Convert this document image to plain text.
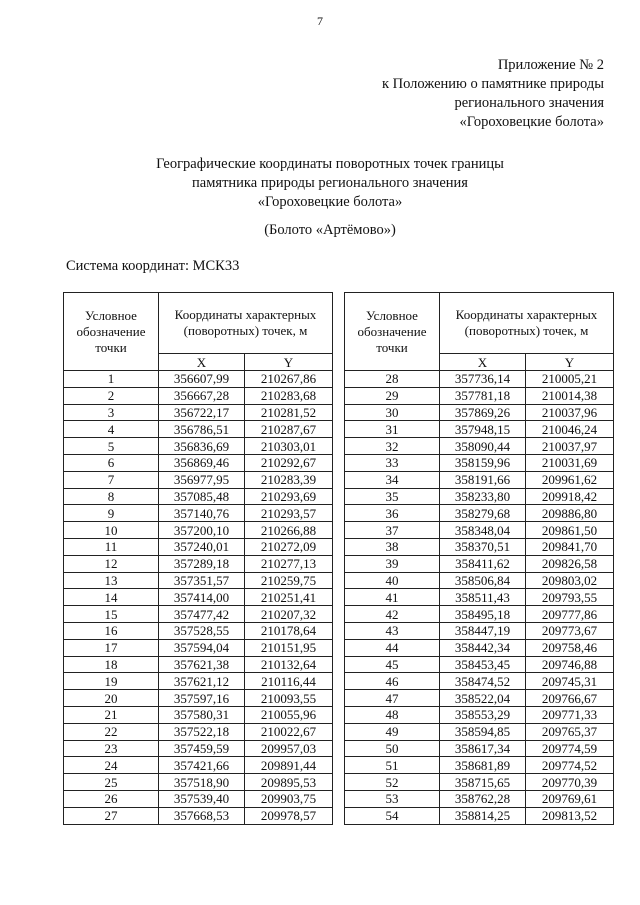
7
Приложение № 2
к Положению о памятнике природы
регионального значения
«Гороховецкие болота»
Географические координаты поворотных точек границы
памятника природы регионального значения
«Гороховецкие болота»
(Болото «Артёмово»)
Система координат: МСК33
Условное обозначение точки	Координаты характерных (поворотных) точек, м	
	X	Y
1	356607,99	210267,86
2	356667,28	210283,68
3	356722,17	210281,52
4	356786,51	210287,67
5	356836,69	210303,01
6	356869,46	210292,67
7	356977,95	210283,39
8	357085,48	210293,69
9	357140,76	210293,57
10	357200,10	210266,88
11	357240,01	210272,09
12	357289,18	210277,13
13	357351,57	210259,75
14	357414,00	210251,41
15	357477,42	210207,32
16	357528,55	210178,64
17	357594,04	210151,95
18	357621,38	210132,64
19	357621,12	210116,44
20	357597,16	210093,55
21	357580,31	210055,96
22	357522,18	210022,67
23	357459,59	209957,03
24	357421,66	209891,44
25	357518,90	209895,53
26	357539,40	209903,75
27	357668,53	209978,57
Условное обозначение точки	Координаты характерных (поворотных) точек, м	
	X	Y
28	357736,14	210005,21
29	357781,18	210014,38
30	357869,26	210037,96
31	357948,15	210046,24
32	358090,44	210037,97
33	358159,96	210031,69
34	358191,66	209961,62
35	358233,80	209918,42
36	358279,68	209886,80
37	358348,04	209861,50
38	358370,51	209841,70
39	358411,62	209826,58
40	358506,84	209803,02
41	358511,43	209793,55
42	358495,18	209777,86
43	358447,19	209773,67
44	358442,34	209758,46
45	358453,45	209746,88
46	358474,52	209745,31
47	358522,04	209766,67
48	358553,29	209771,33
49	358594,85	209765,37
50	358617,34	209774,59
51	358681,89	209774,52
52	358715,65	209770,39
53	358762,28	209769,61
54	358814,25	209813,52
